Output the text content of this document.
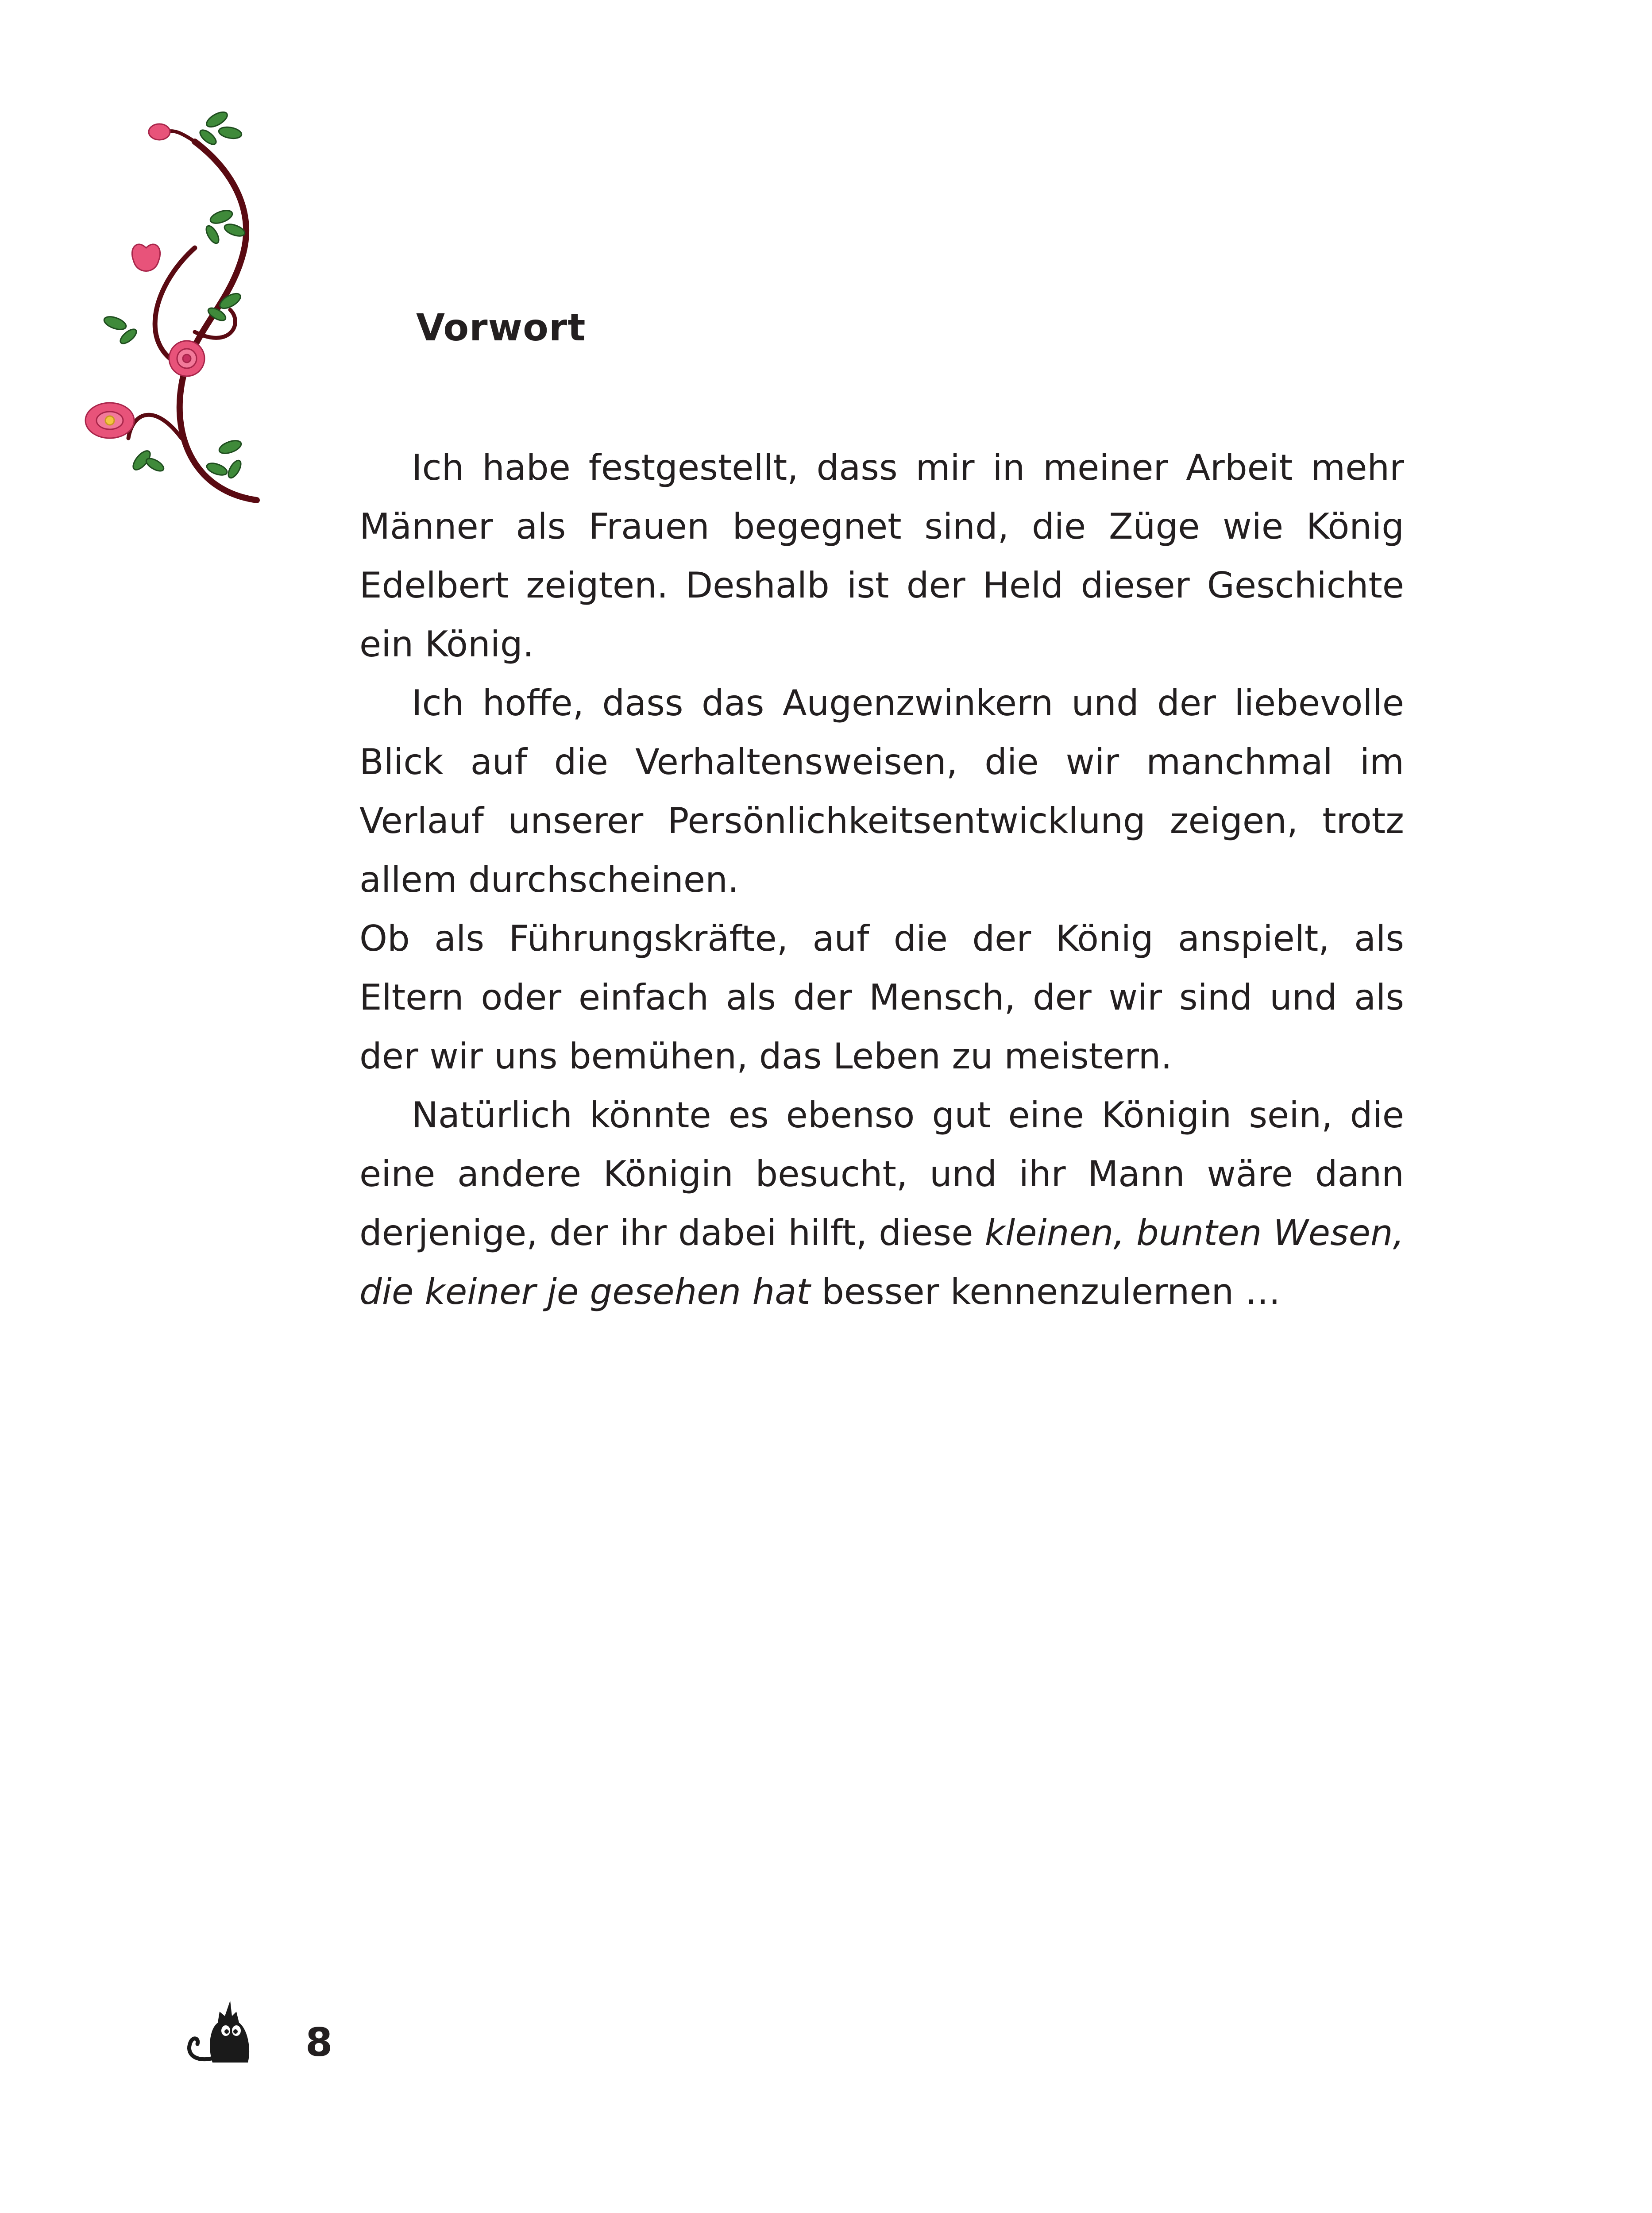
Vorwort

Ich habe festgestellt, dass mir in meiner Arbeit mehr Männer als Frauen begegnet sind, die Züge wie König Edelbert zeigten. Deshalb ist der Held dieser Geschichte ein König.

Ich hoffe, dass das Augenzwinkern und der liebevolle Blick auf die Verhaltensweisen, die wir manchmal im Verlauf unserer Persönlichkeitsentwicklung zeigen, trotz allem durchscheinen.

Ob als Führungskräfte, auf die der König anspielt, als Eltern oder einfach als der Mensch, der wir sind und als der wir uns bemühen, das Leben zu meistern.

Natürlich könnte es ebenso gut eine Königin sein, die eine andere Königin besucht, und ihr Mann wäre dann derjenige, der ihr dabei hilft, diese kleinen, bunten Wesen, die keiner je gesehen hat besser kennenzulernen …

8
